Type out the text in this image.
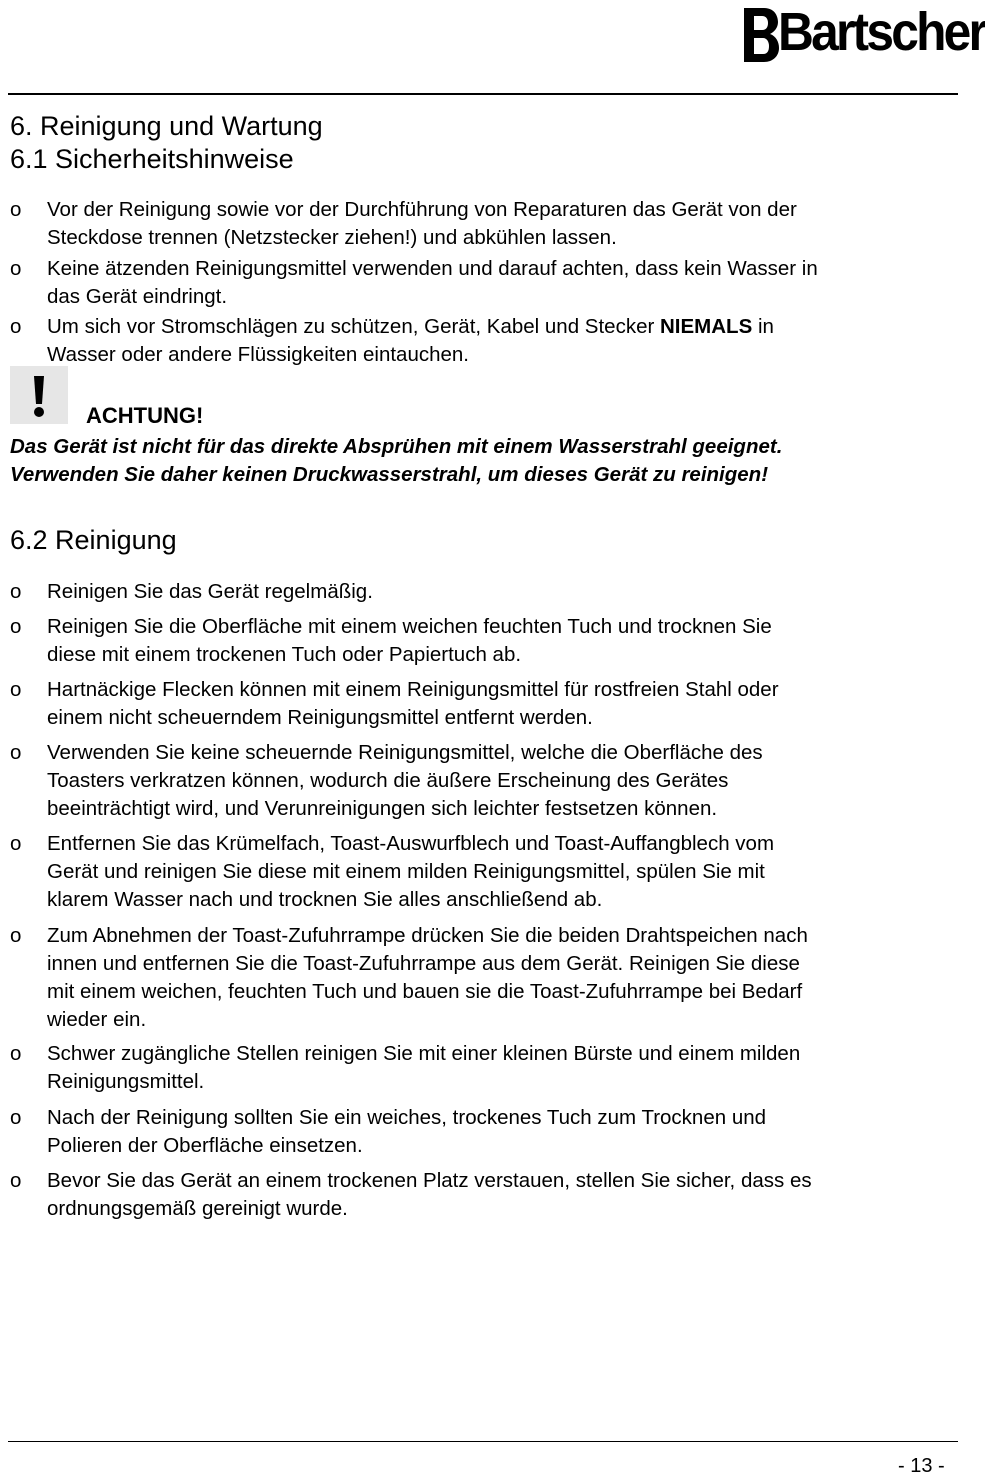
Bartscher
6. Reinigung und Wartung
6.1 Sicherheitshinweise
o Vor der Reinigung sowie vor der Durchführung von Reparaturen das Gerät von der
Steckdose trennen (Netzstecker ziehen!) und abkühlen lassen.
o Keine ätzenden Reinigungsmittel verwenden und darauf achten, dass kein Wasser in
das Gerät eindringt.
o Um sich vor Stromschlägen zu schützen, Gerät, Kabel und Stecker NIEMALS in
Wasser oder andere Flüssigkeiten eintauchen.
ACHTUNG!
Das Gerät ist nicht für das direkte Absprühen mit einem Wasserstrahl geeignet.
Verwenden Sie daher keinen Druckwasserstrahl, um dieses Gerät zu reinigen!
6.2 Reinigung
o Reinigen Sie das Gerät regelmäßig.
o Reinigen Sie die Oberfläche mit einem weichen feuchten Tuch und trocknen Sie
diese mit einem trockenen Tuch oder Papiertuch ab.
o Hartnäckige Flecken können mit einem Reinigungsmittel für rostfreien Stahl oder
einem nicht scheuerndem Reinigungsmittel entfernt werden.
o Verwenden Sie keine scheuernde Reinigungsmittel, welche die Oberfläche des
Toasters verkratzen können, wodurch die äußere Erscheinung des Gerätes
beeinträchtigt wird, und Verunreinigungen sich leichter festsetzen können.
o Entfernen Sie das Krümelfach, Toast-Auswurfblech und Toast-Auffangblech vom
Gerät und reinigen Sie diese mit einem milden Reinigungsmittel, spülen Sie mit
klarem Wasser nach und trocknen Sie alles anschließend ab.
o Zum Abnehmen der Toast-Zufuhrrampe drücken Sie die beiden Drahtspeichen nach
innen und entfernen Sie die Toast-Zufuhrrampe aus dem Gerät. Reinigen Sie diese
mit einem weichen, feuchten Tuch und bauen sie die Toast-Zufuhrrampe bei Bedarf
wieder ein.
o Schwer zugängliche Stellen reinigen Sie mit einer kleinen Bürste und einem milden
Reinigungsmittel.
o Nach der Reinigung sollten Sie ein weiches, trockenes Tuch zum Trocknen und
Polieren der Oberfläche einsetzen.
o Bevor Sie das Gerät an einem trockenen Platz verstauen, stellen Sie sicher, dass es
ordnungsgemäß gereinigt wurde.
- 13 -
